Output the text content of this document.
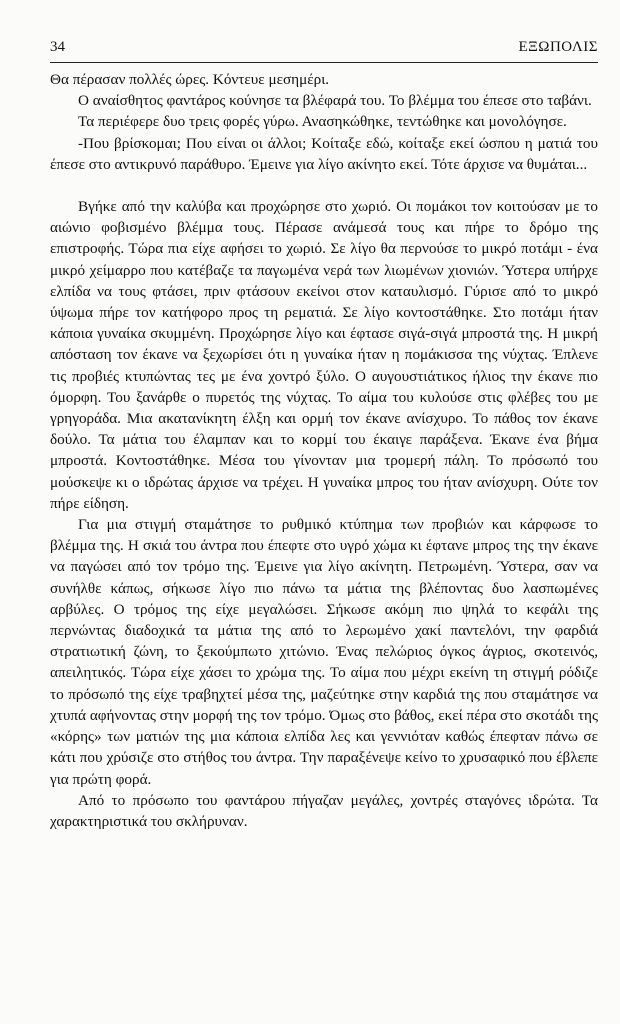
34	ΕΞΩΠΟΛΙΣ

Θα πέρασαν πολλές ώρες. Κόντευε μεσημέρι.

Ο αναίσθητος φαντάρος κούνησε τα βλέφαρά του. Το βλέμμα του έπεσε στο ταβάνι.

Τα περιέφερε δυο τρεις φορές γύρω. Ανασηκώθηκε, τεντώθηκε και μονολόγησε.

-Που βρίσκομαι; Που είναι οι άλλοι; Κοίταξε εδώ, κοίταξε εκεί ώσπου η ματιά του έπεσε στο αντικρυνό παράθυρο. Έμεινε για λίγο ακίνητο εκεί. Τότε άρχισε να θυμάται...

Βγήκε από την καλύβα και προχώρησε στο χωριό. Οι πομάκοι τον κοιτούσαν με το αιώνιο φοβισμένο βλέμμα τους. Πέρασε ανάμεσά τους και πήρε το δρόμο της επιστροφής. Τώρα πια είχε αφήσει το χωριό. Σε λίγο θα περνούσε το μικρό ποτάμι - ένα μικρό χείμαρρο που κατέβαζε τα παγωμένα νερά των λιωμένων χιονιών. Ύστερα υπήρχε ελπίδα να τους φτάσει, πριν φτάσουν εκείνοι στον καταυλισμό. Γύρισε από το μικρό ύψωμα πήρε τον κατήφορο προς τη ρεματιά. Σε λίγο κοντοστάθηκε. Στο ποτάμι ήταν κάποια γυναίκα σκυμμένη. Προχώρησε λίγο και έφτασε σιγά-σιγά μπροστά της. Η μικρή απόσταση τον έκανε να ξεχωρίσει ότι η γυναίκα ήταν η πομάκισσα της νύχτας. Έπλενε τις προβιές κτυπώντας τες με ένα χοντρό ξύλο. Ο αυγουστιάτικος ήλιος την έκανε πιο όμορφη. Του ξανάρθε ο πυρετός της νύχτας. Το αίμα του κυλούσε στις φλέβες του με γρηγοράδα. Μια ακατανίκητη έλξη και ορμή τον έκανε ανίσχυρο. Το πάθος τον έκανε δούλο. Τα μάτια του έλαμπαν και το κορμί του έκαιγε παράξενα. Έκανε ένα βήμα μπροστά. Κοντοστάθηκε. Μέσα του γίνονταν μια τρομερή πάλη. Το πρόσωπό του μούσκεψε κι ο ιδρώτας άρχισε να τρέχει. Η γυναίκα μπρος του ήταν ανίσχυρη. Ούτε τον πήρε είδηση.

Για μια στιγμή σταμάτησε το ρυθμικό κτύπημα των προβιών και κάρφωσε το βλέμμα της. Η σκιά του άντρα που έπεφτε στο υγρό χώμα κι έφτανε μπρος της την έκανε να παγώσει από τον τρόμο της. Έμεινε για λίγο ακίνητη. Πετρωμένη. Ύστερα, σαν να συνήλθε κάπως, σήκωσε λίγο πιο πάνω τα μάτια της βλέποντας δυο λασπωμένες αρβύλες. Ο τρόμος της είχε μεγαλώσει. Σήκωσε ακόμη πιο ψηλά το κεφάλι της περνώντας διαδοχικά τα μάτια της από το λερωμένο χακί παντελόνι, την φαρδιά στρατιωτική ζώνη, το ξεκούμπωτο χιτώνιο. Ένας πελώριος όγκος άγριος, σκοτεινός, απειλητικός. Τώρα είχε χάσει το χρώμα της. Το αίμα που μέχρι εκείνη τη στιγμή ρόδιζε το πρόσωπό της είχε τραβηχτεί μέσα της, μαζεύτηκε στην καρδιά της που σταμάτησε να χτυπά αφήνοντας στην μορφή της τον τρόμο. Όμως στο βάθος, εκεί πέρα στο σκοτάδι της «κόρης» των ματιών της μια κάποια ελπίδα λες και γεννιόταν καθώς έπεφταν πάνω σε κάτι που χρύσιζε στο στήθος του άντρα. Την παραξένεψε κείνο το χρυσαφικό που έβλεπε για πρώτη φορά.

Από το πρόσωπο του φαντάρου πήγαζαν μεγάλες, χοντρές σταγόνες ιδρώτα. Τα χαρακτηριστικά του σκλήρυναν.
